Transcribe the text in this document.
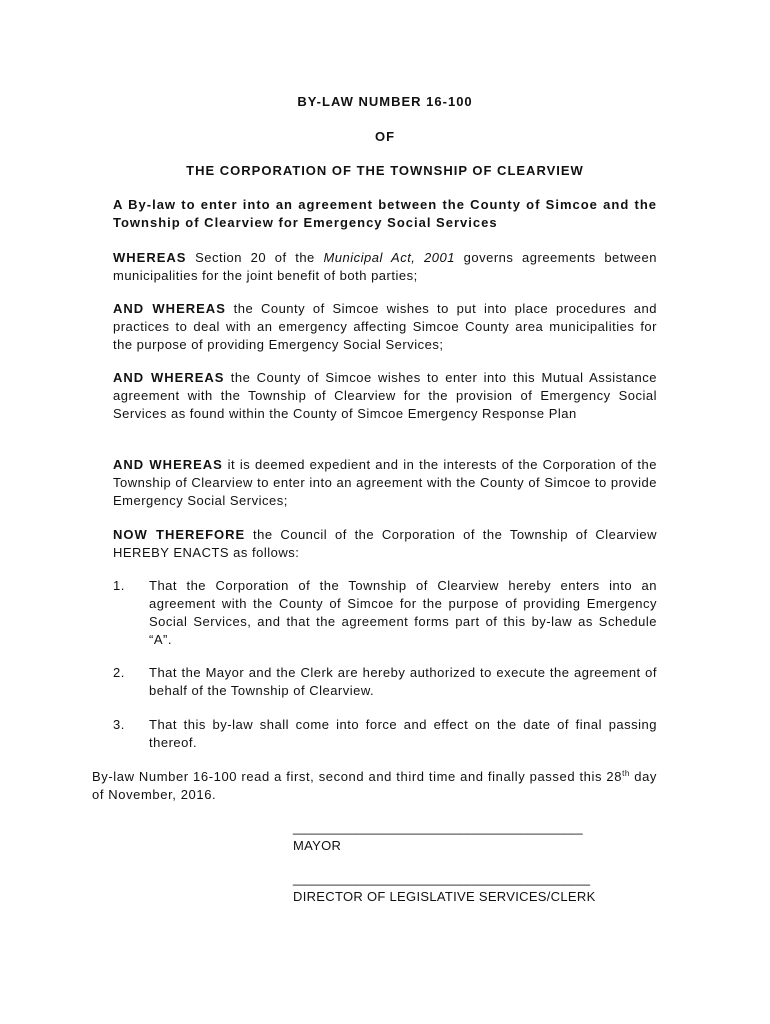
BY-LAW NUMBER 16-100
OF
THE CORPORATION OF THE TOWNSHIP OF CLEARVIEW
A By-law to enter into an agreement between the County of Simcoe and the Township of Clearview for Emergency Social Services
WHEREAS Section 20 of the Municipal Act, 2001 governs agreements between municipalities for the joint benefit of both parties;
AND WHEREAS the County of Simcoe wishes to put into place procedures and practices to deal with an emergency affecting Simcoe County area municipalities for the purpose of providing Emergency Social Services;
AND WHEREAS the County of Simcoe wishes to enter into this Mutual Assistance agreement with the Township of Clearview for the provision of Emergency Social Services as found within the County of Simcoe Emergency Response Plan
AND WHEREAS it is deemed expedient and in the interests of the Corporation of the Township of Clearview to enter into an agreement with the County of Simcoe to provide Emergency Social Services;
NOW THEREFORE the Council of the Corporation of the Township of Clearview HEREBY ENACTS as follows:
1. That the Corporation of the Township of Clearview hereby enters into an agreement with the County of Simcoe for the purpose of providing Emergency Social Services, and that the agreement forms part of this by-law as Schedule “A”.
2. That the Mayor and the Clerk are hereby authorized to execute the agreement of behalf of the Township of Clearview.
3. That this by-law shall come into force and effect on the date of final passing thereof.
By-law Number 16-100 read a first, second and third time and finally passed this 28th day of November, 2016.
_______________________________________
MAYOR
________________________________________
DIRECTOR OF LEGISLATIVE SERVICES/CLERK
